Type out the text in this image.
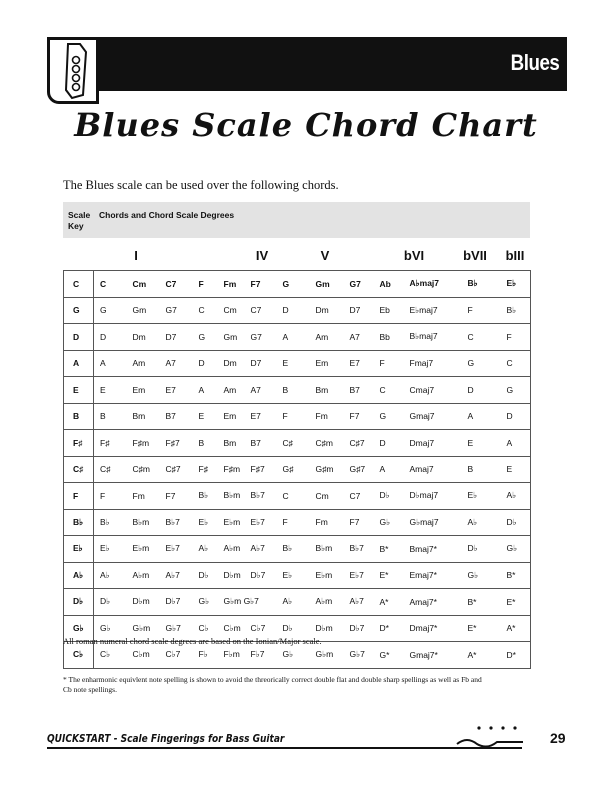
Blues
Blues Scale Chord Chart
The Blues scale can be used over the following chords.
Scale
Key
Chords and Chord Scale Degrees
I	IV	V	bVI	bVII bIII
C	C	Cm	C7	F	Fm	F7	G	Gm	G7	Ab	A♭maj7	B♭	E♭
G	G	Gm	G7	C	Cm	C7	D	Dm	D7	Eb	E♭maj7	F	B♭
D	D	Dm	D7	G	Gm	G7	A	Am	A7	Bb	B♭maj7	C	F
A	A	Am	A7	D	Dm	D7	E	Em	E7	F	Fmaj7	G	C
E	E	Em	E7	A	Am	A7	B	Bm	B7	C	Cmaj7	D	G
B	B	Bm	B7	E	Em	E7	F	Fm	F7	G	Gmaj7	A	D
F♯	F♯	F♯m	F♯7	B	Bm	B7	C♯	C♯m	C♯7	D	Dmaj7	E	A
C♯	C♯	C♯m	C♯7	F♯	F♯m	F♯7	G♯	G♯m	G♯7	A	Amaj7	B	E
F	F	Fm	F7	B♭	B♭m	B♭7	C	Cm	C7	D♭	D♭maj7	E♭	A♭
B♭	B♭	B♭m	B♭7	E♭	E♭m	E♭7	F	Fm	F7	G♭	G♭maj7	A♭	D♭
E♭	E♭	E♭m	E♭7	A♭	A♭m	A♭7	B♭	B♭m	B♭7	B*	Bmaj7*	D♭	G♭
A♭	A♭	A♭m	A♭7	D♭	D♭m	D♭7	E♭	E♭m	E♭7	E*	Emaj7*	G♭	B*
D♭	D♭	D♭m	D♭7	G♭	G♭m G♭7		A♭	A♭m	A♭7	A*	Amaj7*	B*	E*
G♭	G♭	G♭m	G♭7	C♭	C♭m	C♭7	D♭	D♭m	D♭7	D*	Dmaj7*	E*	A*
C♭	C♭	C♭m	C♭7	F♭	F♭m	F♭7	G♭	G♭m	G♭7	G*	Gmaj7*	A*	D*
All roman numeral chord scale degrees are based on the Ionian/Major scale.
* The enharmonic equivlent note spelling is shown to avoid the threorically correct double flat and double sharp spellings as well as Fb and Cb note spellings.
QUICKSTART - Scale Fingerings for Bass Guitar	29
